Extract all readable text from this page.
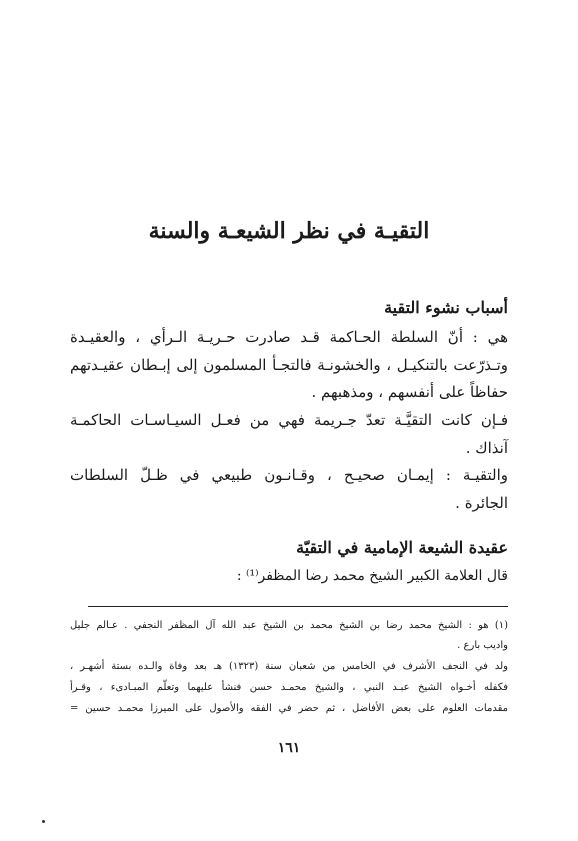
التقيـة في نظر الشيعـة والسنة
أسباب نشوء التقية
هي : أنّ السلطة الحـاكمة قـد صادرت حـريـة الـرأي ، والعقيـدة
وتـذرّعت بالتنكيـل ، والخشونـة فالتجـأ المسلمون إلى إبـطان عقيـدتهم
حفاظاً على أنفسهم ، ومذهبهم .
فـإن كانت التقيَّـة تعدّ جـريمة فهي من فعـل السيـاسـات الحاكمـة
آنذاك .
والتقيـة : إيمـان صحيـح ، وقـانـون طبيعي في ظـلّ السلطات
الجائرة .
عقيدة الشيعة الإمامية في التقيّة
قال العلامة الكبير الشيخ محمد رضا المظفر⁽¹⁾ :
(١) هو : الشيخ محمد رضا بن الشيخ محمد بن الشيخ عبد الله آل المظفر النجفي . عـالم جليل
واديب بارع .
ولد في النجف الأشرف في الخامس من شعبان سنة (١٣٢٣) هـ بعد وفاة والـده بستة أشهـر ،
فكفله أخـواه الشيخ عبـد النبي ، والشيخ محمـد حسن فنشأ عليهما وتعلّم المبـادىء ، وقـرأ
مقدمات العلوم على بعض الأفاضل ، ثم حضر في الفقه والأصول على الميرزا محمـد حسين =
١٦١
